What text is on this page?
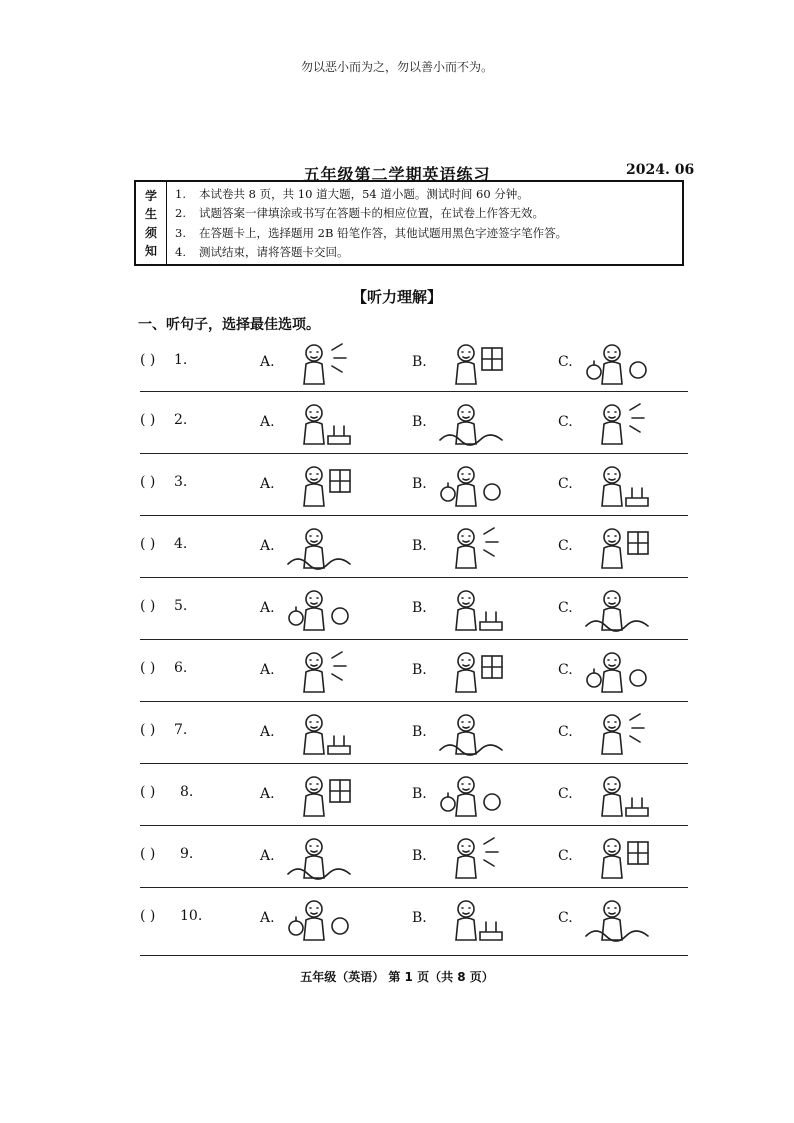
勿以恶小而为之，勿以善小而不为。
五年级第二学期英语练习	2024. 06
学
生
须
知
1.	本试卷共 8 页，共 10 道大题，54 道小题。测试时间 60 分钟。
2.	试题答案一律填涂或书写在答题卡的相应位置，在试卷上作答无效。
3.	在答题卡上，选择题用 2B 铅笔作答，其他试题用黑色字迹签字笔作答。
4.	测试结束，请将答题卡交回。
【听力理解】
一、听句子，选择最佳选项。
( ) 1.	A.	B.	C.
( ) 2.	A.	B.	C.
( ) 3.	A.	B.	C.
( ) 4.	A.	B.	C.
( ) 5.	A.	B.	C.
( ) 6.	A.	B.	C.
( ) 7.	A.	B.	C.
( ) 8.	A.	B.	C.
( ) 9.	A.	B.	C.
( ) 10.	A.	B.	C.
五年级（英语） 第 1 页（共 8 页）
